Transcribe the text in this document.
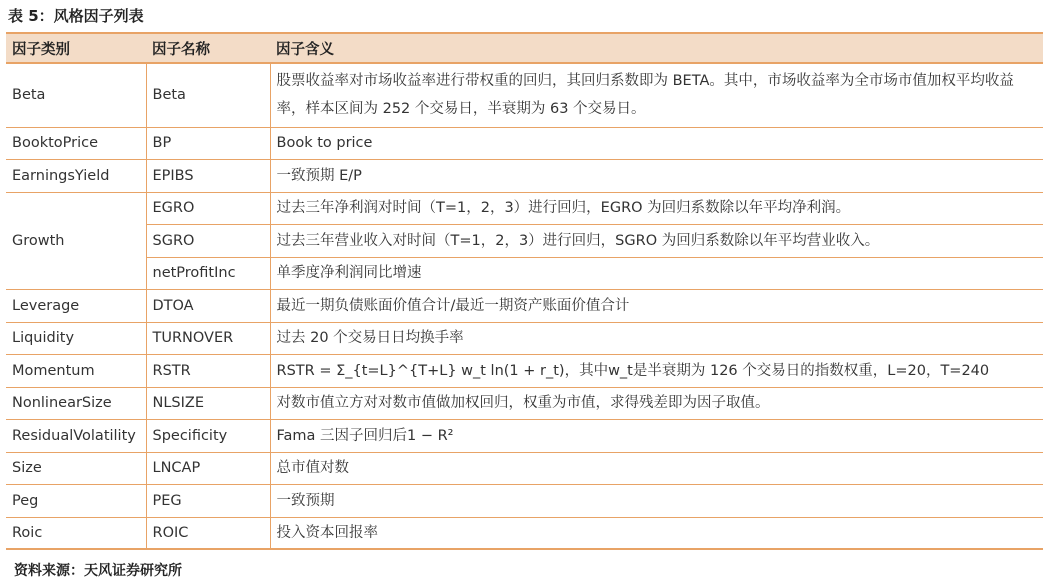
表 5：风格因子列表
因子类别	因子名称	因子含义
Beta	Beta	股票收益率对市场收益率进行带权重的回归，其回归系数即为 BETA。其中，市场收益率为全市场市值加权平均收益率，样本区间为 252 个交易日，半衰期为 63 个交易日。
BooktoPrice	BP	Book to price
EarningsYield	EPIBS	一致预期 E/P
Growth	EGRO	过去三年净利润对时间（T=1，2，3）进行回归，EGRO 为回归系数除以年平均净利润。
	SGRO	过去三年营业收入对时间（T=1，2，3）进行回归，SGRO 为回归系数除以年平均营业收入。
	netProfitInc	单季度净利润同比增速
Leverage	DTOA	最近一期负债账面价值合计/最近一期资产账面价值合计
Liquidity	TURNOVER	过去 20 个交易日日均换手率
Momentum	RSTR	RSTR = Σ_{t=L}^{T+L} w_t ln(1 + r_t)，其中w_t是半衰期为 126 个交易日的指数权重，L=20，T=240
NonlinearSize	NLSIZE	对数市值立方对对数市值做加权回归，权重为市值，求得残差即为因子取值。
ResidualVolatility	Specificity	Fama 三因子回归后1 − R²
Size	LNCAP	总市值对数
Peg	PEG	一致预期
Roic	ROIC	投入资本回报率
资料来源：天风证券研究所
